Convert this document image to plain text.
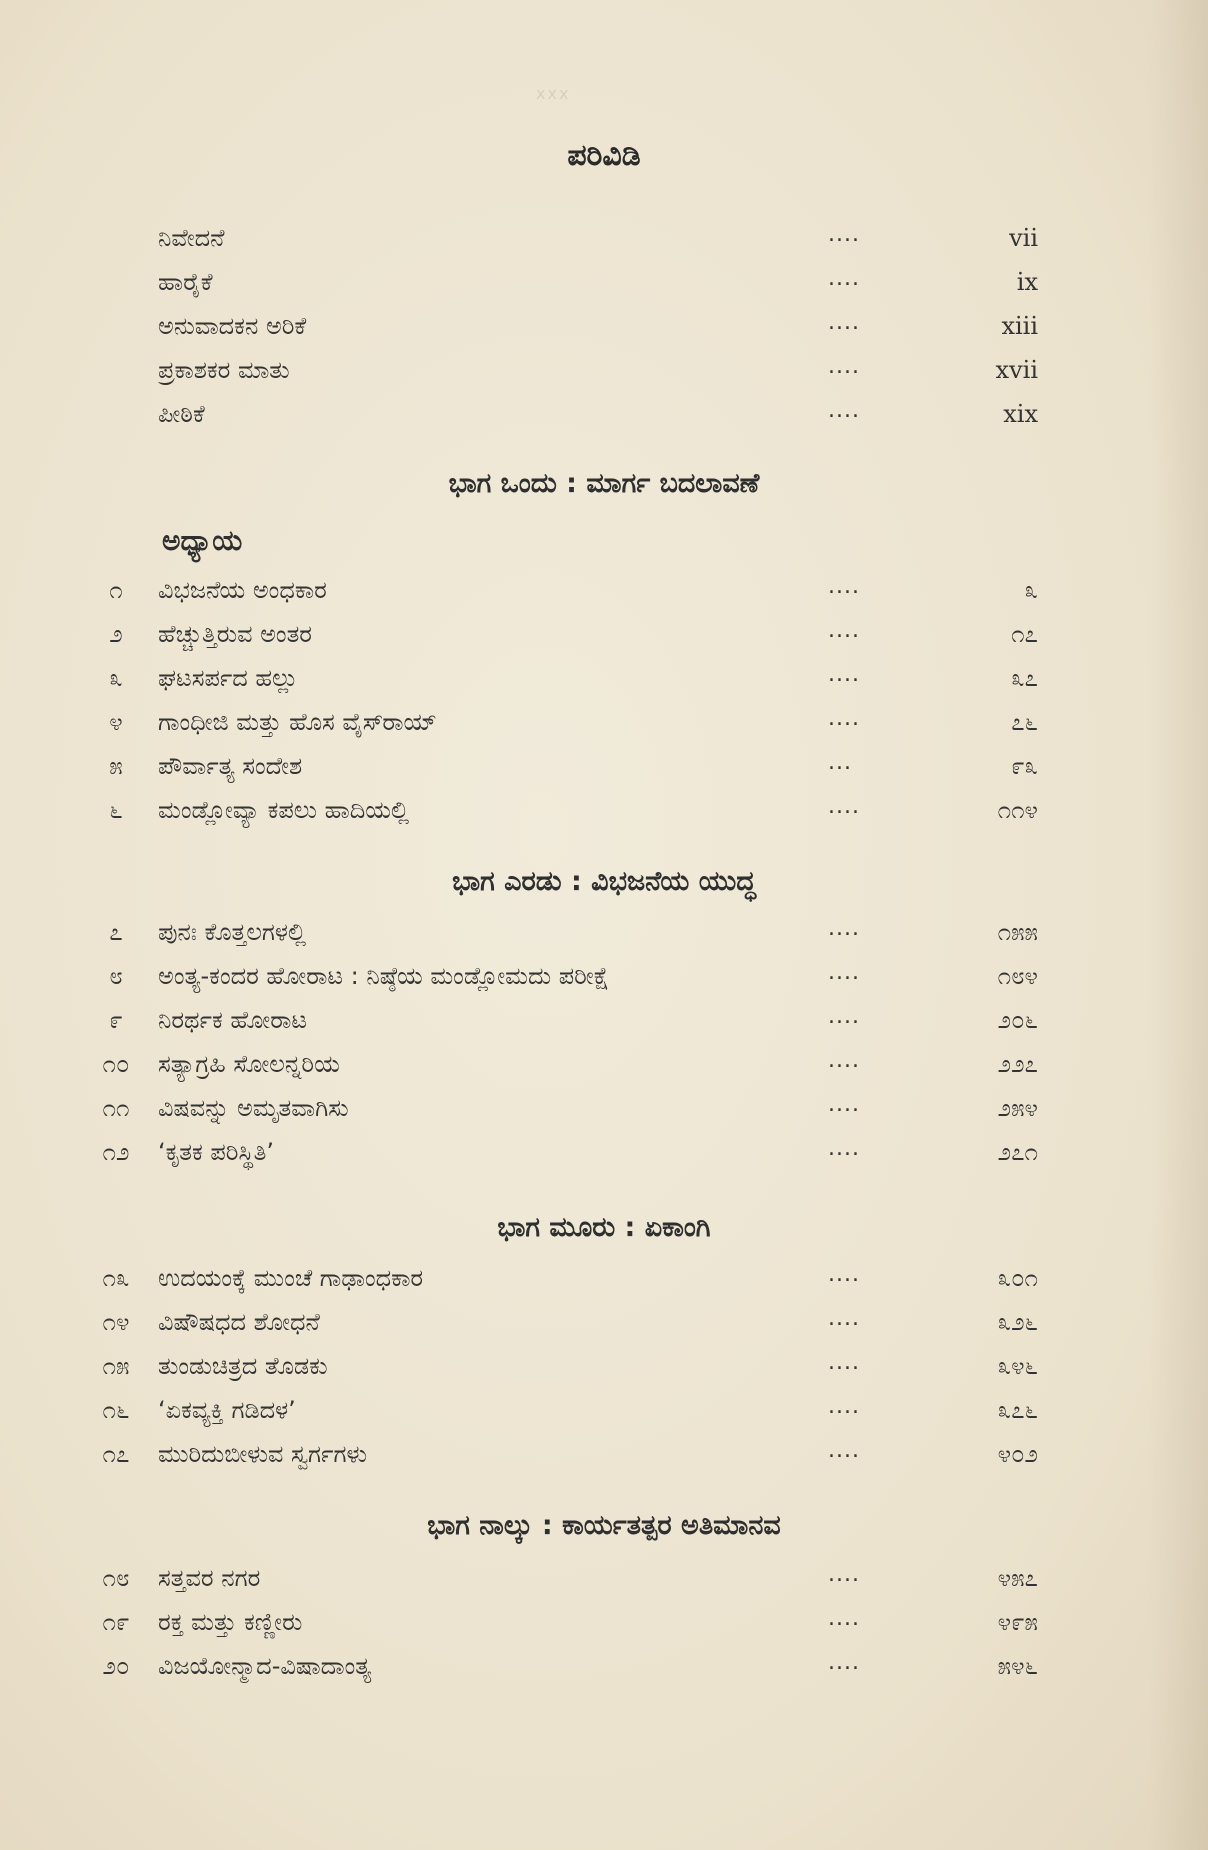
xxx
ಪರಿವಿಡಿ

ನಿವೇದನೆ	....	vii
ಹಾರೈಕೆ	....	ix
ಅನುವಾದಕನ ಅರಿಕೆ	....	xiii
ಪ್ರಕಾಶಕರ ಮಾತು	....	xvii
ಪೀಠಿಕೆ	....	xix
ಭಾಗ ಒಂದು : ಮಾರ್ಗ ಬದಲಾವಣೆ
ಅಧ್ಯಾಯ
೧	ವಿಭಜನೆಯ ಅಂಧಕಾರ	....	೩
೨	ಹೆಚ್ಚುತ್ತಿರುವ ಅಂತರ	....	೧೭
೩	ಘಟಸರ್ಪದ ಹಲ್ಲು	....	೩೭
೪	ಗಾಂಧೀಜಿ ಮತ್ತು ಹೊಸ ವೈಸ್‍ರಾಯ್	....	೭೬
೫	ಪೌರ್ವಾತ್ಯ ಸಂದೇಶ	...	೯೩
೬	ಮಂಡ್ಲೋವ್ಯಾ ಕಪಲು ಹಾದಿಯಲ್ಲಿ	....	೧೧೪
ಭಾಗ ಎರಡು : ವಿಭಜನೆಯ ಯುದ್ಧ
೭	ಪುನಃ ಕೊತ್ತಲಗಳಲ್ಲಿ	....	೧೫೫
೮	ಅಂತ್ಯ-ಕಂದರ ಹೋರಾಟ : ನಿಷ್ಠೆಯ ಮಂಡ್ಲೋಮದು ಪರೀಕ್ಷೆ	....	೧೮೪
೯	ನಿರರ್ಥಕ ಹೋರಾಟ	....	೨೦೬
೧೦	ಸತ್ಯಾಗ್ರಹಿ ಸೋಲನ್ನರಿಯ	....	೨೨೭
೧೧	ವಿಷವನ್ನು ಅಮೃತವಾಗಿಸು	....	೨೫೪
೧೨	‘ಕೃತಕ ಪರಿಸ್ಥಿತಿ’	....	೨೭೧
ಭಾಗ ಮೂರು : ಏಕಾಂಗಿ
೧೩	ಉದಯಂಕ್ಕೆ ಮುಂಚೆ ಗಾಢಾಂಧಕಾರ	....	೩೦೧
೧೪	ವಿಷೌಷಧದ ಶೋಧನೆ	....	೩೨೬
೧೫	ತುಂಡುಚಿತ್ರದ ತೊಡಕು	....	೩೪೬
೧೬	‘ಏಕವ್ಯಕ್ತಿ ಗಡಿದಳ’	....	೩೭೬
೧೭	ಮುರಿದುಬೀಳುವ ಸ್ವರ್ಗಗಳು	....	೪೦೨
ಭಾಗ ನಾಲ್ಕು : ಕಾರ್ಯತತ್ಪರ ಅತಿಮಾನವ
೧೮	ಸತ್ತವರ ನಗರ	....	೪೫೭
೧೯	ರಕ್ತ ಮತ್ತು ಕಣ್ಣೀರು	....	೪೯೫
೨೦	ವಿಜಯೋನ್ಮಾದ-ವಿಷಾದಾಂತ್ಯ	....	೫೪೬
